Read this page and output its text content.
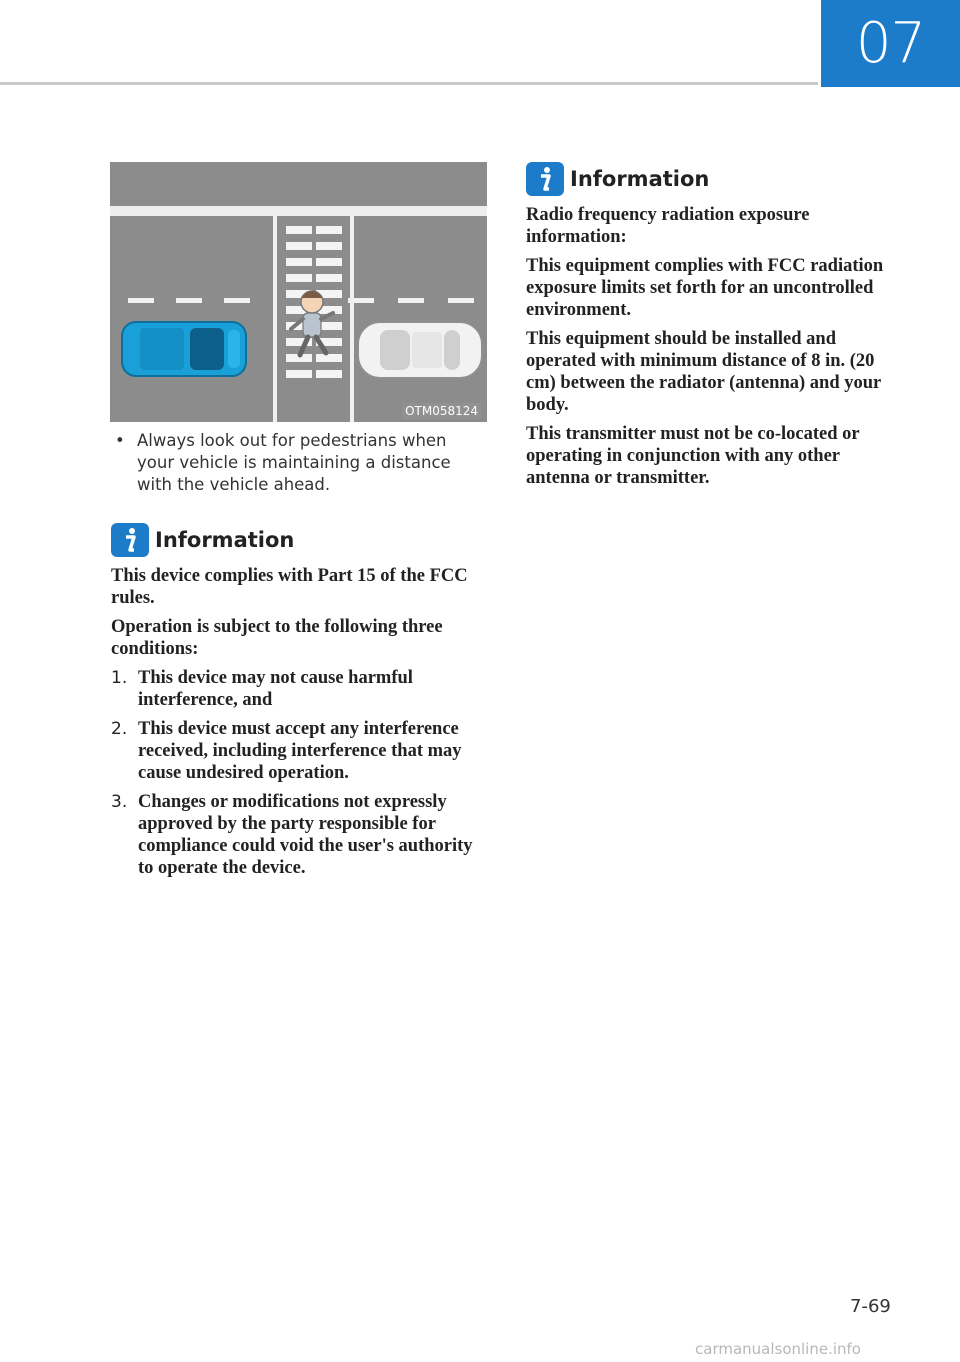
07
OTM058124
• Always look out for pedestrians when your vehicle is maintaining a distance with the vehicle ahead.
Information

This device complies with Part 15 of the FCC rules.

Operation is subject to the following three conditions:

1. This device may not cause harmful interference, and
2. This device must accept any interference received, including interference that may cause undesired operation.
3. Changes or modifications not expressly approved by the party responsible for compliance could void the user's authority to operate the device.
Information

Radio frequency radiation exposure information:

This equipment complies with FCC radiation exposure limits set forth for an uncontrolled environment.

This equipment should be installed and operated with minimum distance of 8 in. (20 cm) between the radiator (antenna) and your body.

This transmitter must not be co-located or operating in conjunction with any other antenna or transmitter.

7-69
carmanualsonline.info
